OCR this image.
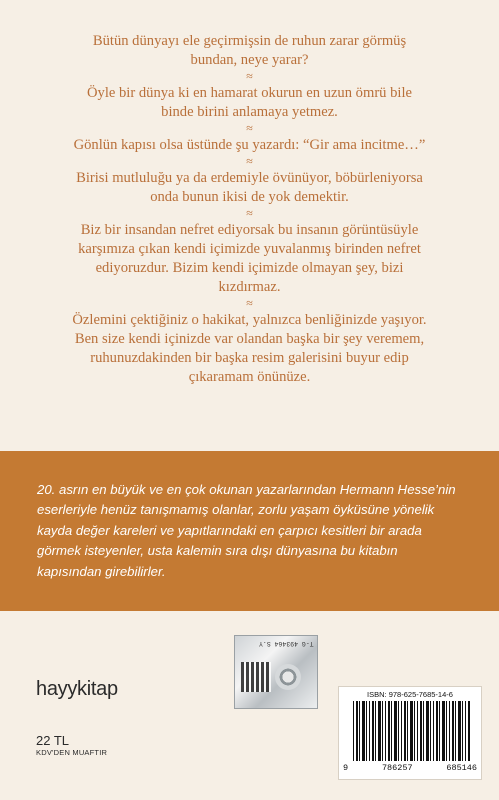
Bütün dünyayı ele geçirmişsin de ruhun zarar görmüş
bundan, neye yarar?
≈
Öyle bir dünya ki en hamarat okurun en uzun ömrü bile
binde birini anlamaya yetmez.
≈
Gönlün kapısı olsa üstünde şu yazardı: “Gir ama incitme…”
≈
Birisi mutluluğu ya da erdemiyle övünüyor, böbürleniyorsa
onda bunun ikisi de yok demektir.
≈
Biz bir insandan nefret ediyorsak bu insanın görüntüsüyle
karşımıza çıkan kendi içimizde yuvalanmış birinden nefret
ediyoruzdur. Bizim kendi içimizde olmayan şey, bizi
kızdırmaz.
≈
Özlemini çektiğiniz o hakikat, yalnızca benliğinizde yaşıyor.
Ben size kendi içinizde var olandan başka bir şey veremem,
ruhunuzdakinden bir başka resim galerisini buyur edip
çıkaramam önünüze.

20. asrın en büyük ve en çok okunan yazarlarından Hermann Hesse’nin eserleriyle henüz tanışmamış olanlar, zorlu yaşam öyküsüne yönelik kayda değer kareleri ve yapıtlarındaki en çarpıcı kesitleri bir arada görmek isteyenler, usta kalemin sıra dışı dünyasına bu kitabın kapısından girebilirler.

hayykitap
22 TL
KDV'DEN MUAFTIR
T-G 493464 S.Y
ISBN: 978-625-7685-14-6
9	786257	685146
